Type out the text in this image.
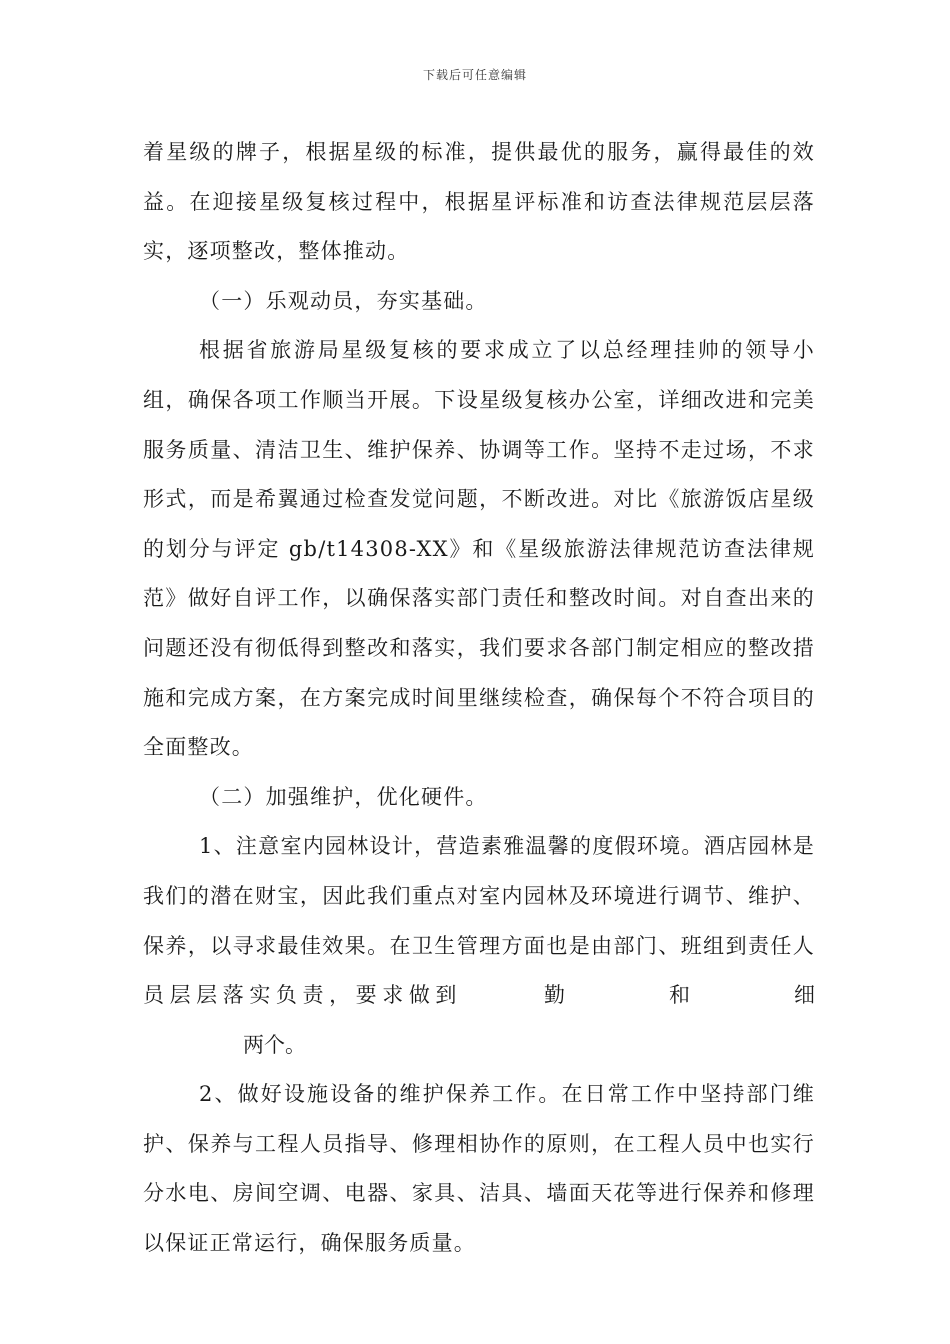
下载后可任意编辑

着星级的牌子，根据星级的标准，提供最优的服务，赢得最佳的效益。在迎接星级复核过程中，根据星评标准和访查法律规范层层落实，逐项整改，整体推动。

（一）乐观动员，夯实基础。

根据省旅游局星级复核的要求成立了以总经理挂帅的领导小组，确保各项工作顺当开展。下设星级复核办公室，详细改进和完美服务质量、清洁卫生、维护保养、协调等工作。坚持不走过场，不求形式，而是希翼通过检查发觉问题，不断改进。对比《旅游饭店星级的划分与评定 gb/t14308-XX》和《星级旅游法律规范访查法律规范》做好自评工作，以确保落实部门责任和整改时间。对自查出来的问题还没有彻低得到整改和落实，我们要求各部门制定相应的整改措施和完成方案，在方案完成时间里继续检查，确保每个不符合项目的全面整改。

（二）加强维护，优化硬件。

1、注意室内园林设计，营造素雅温馨的度假环境。酒店园林是我们的潜在财宝，因此我们重点对室内园林及环境进行调节、维护、保养，以寻求最佳效果。在卫生管理方面也是由部门、班组到责任人员层层落实负责，要求做到	勤	和	细两个。

2、做好设施设备的维护保养工作。在日常工作中坚持部门维护、保养与工程人员指导、修理相协作的原则，在工程人员中也实行分水电、房间空调、电器、家具、洁具、墙面天花等进行保养和修理以保证正常运行，确保服务质量。
